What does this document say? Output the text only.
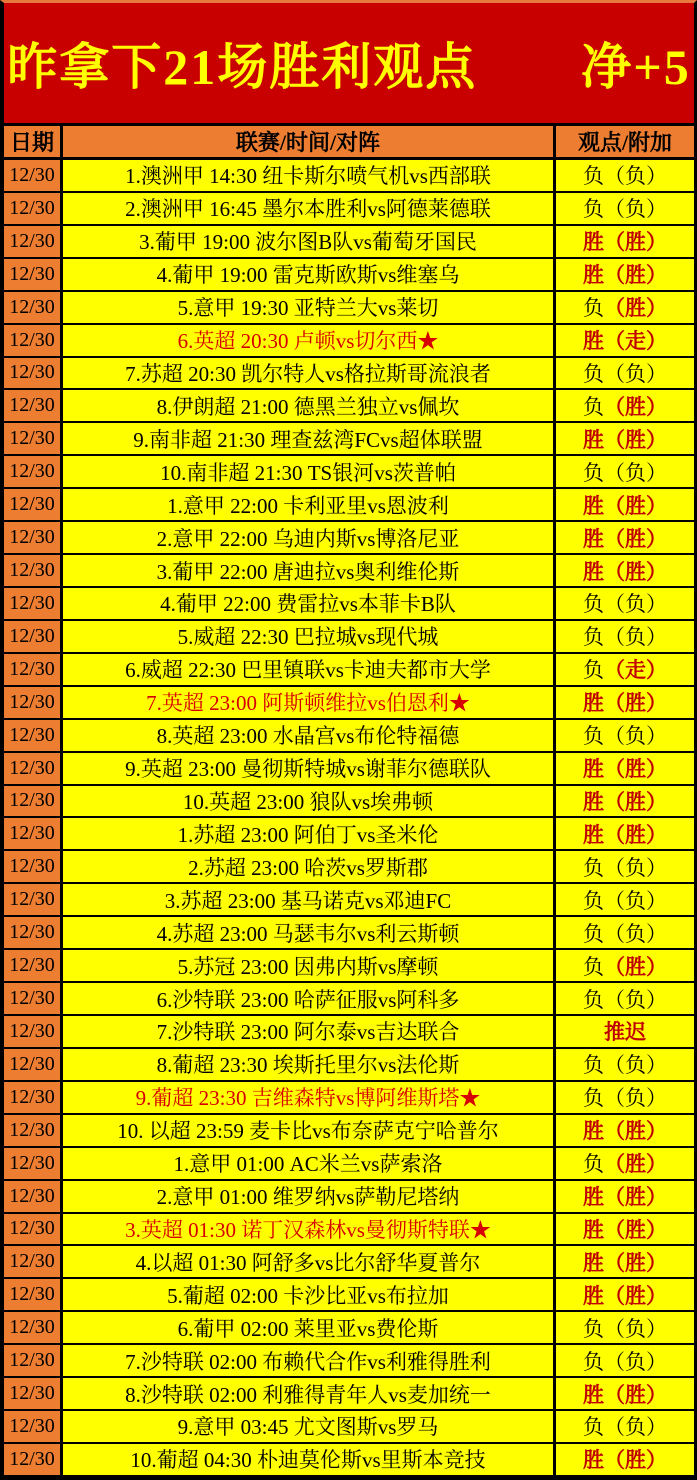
昨拿下21场胜利观点　　净+5
日期	联赛/时间/对阵	观点/附加
12/30	1.澳洲甲 14:30 纽卡斯尔喷气机vs西部联	负 （负）
12/30	2.澳洲甲 16:45 墨尔本胜利vs阿德莱德联	负 （负）
12/30	3.葡甲 19:00 波尔图B队vs葡萄牙国民	胜 （胜）
12/30	4.葡甲 19:00 雷克斯欧斯vs维塞乌	胜 （胜）
12/30	5.意甲 19:30 亚特兰大vs莱切	负 （胜）
12/30	6.英超 20:30 卢顿vs切尔西★	胜 （走）
12/30	7.苏超 20:30 凯尔特人vs格拉斯哥流浪者	负 （负）
12/30	8.伊朗超 21:00 德黑兰独立vs佩坎	负 （胜）
12/30	9.南非超 21:30 理查兹湾FCvs超体联盟	胜 （胜）
12/30	10.南非超 21:30 TS银河vs茨普帕	负 （负）
12/30	1.意甲 22:00 卡利亚里vs恩波利	胜 （胜）
12/30	2.意甲 22:00 乌迪内斯vs博洛尼亚	胜 （胜）
12/30	3.葡甲 22:00 唐迪拉vs奥利维伦斯	胜 （胜）
12/30	4.葡甲 22:00 费雷拉vs本菲卡B队	负 （负）
12/30	5.威超 22:30 巴拉城vs现代城	负 （负）
12/30	6.威超 22:30 巴里镇联vs卡迪夫都市大学	负 （走）
12/30	7.英超 23:00 阿斯顿维拉vs伯恩利★	胜 （胜）
12/30	8.英超 23:00 水晶宫vs布伦特福德	负 （负）
12/30	9.英超 23:00 曼彻斯特城vs谢菲尔德联队	胜 （胜）
12/30	10.英超 23:00 狼队vs埃弗顿	胜 （胜）
12/30	1.苏超 23:00 阿伯丁vs圣米伦	胜 （胜）
12/30	2.苏超 23:00 哈茨vs罗斯郡	负 （负）
12/30	3.苏超 23:00 基马诺克vs邓迪FC	负 （负）
12/30	4.苏超 23:00 马瑟韦尔vs利云斯顿	负 （负）
12/30	5.苏冠 23:00 因弗内斯vs摩顿	负 （胜）
12/30	6.沙特联 23:00 哈萨征服vs阿科多	负 （负）
12/30	7.沙特联 23:00 阿尔泰vs吉达联合	推迟
12/30	8.葡超 23:30 埃斯托里尔vs法伦斯	负 （负）
12/30	9.葡超 23:30 吉维森特vs博阿维斯塔★	负 （负）
12/30	10. 以超 23:59 麦卡比vs布奈萨克宁哈普尔	胜 （胜）
12/30	1.意甲 01:00 AC米兰vs萨索洛	负 （胜）
12/30	2.意甲 01:00 维罗纳vs萨勒尼塔纳	胜 （胜）
12/30	3.英超 01:30 诺丁汉森林vs曼彻斯特联★	胜 （胜）
12/30	4.以超 01:30 阿舒多vs比尔舒华夏普尔	胜 （胜）
12/30	5.葡超 02:00 卡沙比亚vs布拉加	胜 （胜）
12/30	6.葡甲 02:00 莱里亚vs费伦斯	负 （负）
12/30	7.沙特联 02:00 布赖代合作vs利雅得胜利	负 （负）
12/30	8.沙特联 02:00 利雅得青年人vs麦加统一	胜 （胜）
12/30	9.意甲 03:45 尤文图斯vs罗马	负 （负）
12/30	10.葡超 04:30 朴迪莫伦斯vs里斯本竞技	胜 （胜）
